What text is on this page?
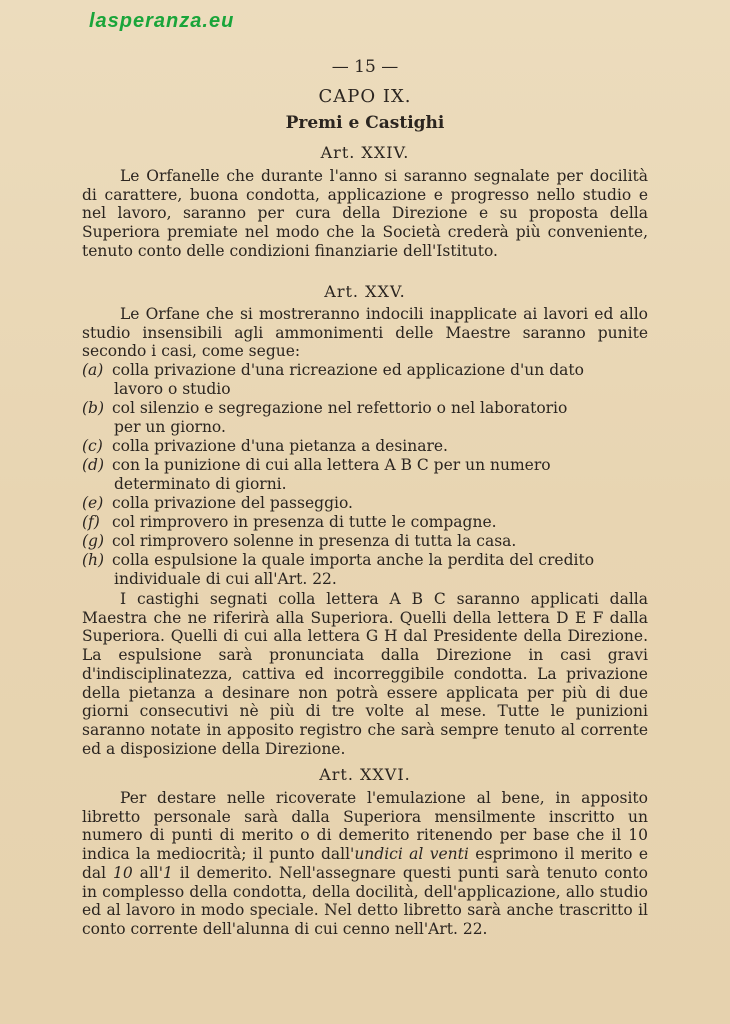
lasperanza.eu
— 15 —
CAPO IX.
Premi e Castighi
Art. XXIV.

Le Orfanelle che durante l'anno si saranno segnalate per docilità di carattere, buona condotta, applicazione e progresso nello studio e nel lavoro, saranno per cura della Direzione e su proposta della Superiora premiate nel modo che la Società crederà più conveniente, tenuto conto delle condizioni finanziarie dell'Istituto.

Art. XXV.

Le Orfane che si mostreranno indocili inapplicate ai lavori ed allo studio insensibili agli ammonimenti delle Maestre saranno punite secondo i casi, come segue:

(a) colla privazione d'una ricreazione ed applicazione d'un dato
lavoro o studio
(b) col silenzio e segregazione nel refettorio o nel laboratorio
per un giorno.
(c) colla privazione d'una pietanza a desinare.
(d) con la punizione di cui alla lettera A B C per un numero
determinato di giorni.
(e) colla privazione del passeggio.
(f) col rimprovero in presenza di tutte le compagne.
(g) col rimprovero solenne in presenza di tutta la casa.
(h) colla espulsione la quale importa anche la perdita del credito
individuale di cui all'Art. 22.

I castighi segnati colla lettera A B C saranno applicati dalla Maestra che ne riferirà alla Superiora. Quelli della lettera D E F dalla Superiora. Quelli di cui alla lettera G H dal Presidente della Direzione. La espulsione sarà pronunciata dalla Direzione in casi gravi d'indisciplinatezza, cattiva ed incorreggibile condotta. La privazione della pietanza a desinare non potrà essere applicata per più di due giorni consecutivi nè più di tre volte al mese. Tutte le punizioni saranno notate in apposito registro che sarà sempre tenuto al corrente ed a disposizione della Direzione.

Art. XXVI.

Per destare nelle ricoverate l'emulazione al bene, in apposito libretto personale sarà dalla Superiora mensilmente inscritto un numero di punti di merito o di demerito ritenendo per base che il 10 indica la mediocrità; il punto dall'undici al venti esprimono il merito e dal 10 all'1 il demerito. Nell'assegnare questi punti sarà tenuto conto in complesso della condotta, della docilità, dell'applicazione, allo studio ed al lavoro in modo speciale. Nel detto libretto sarà anche trascritto il conto corrente dell'alunna di cui cenno nell'Art. 22.
